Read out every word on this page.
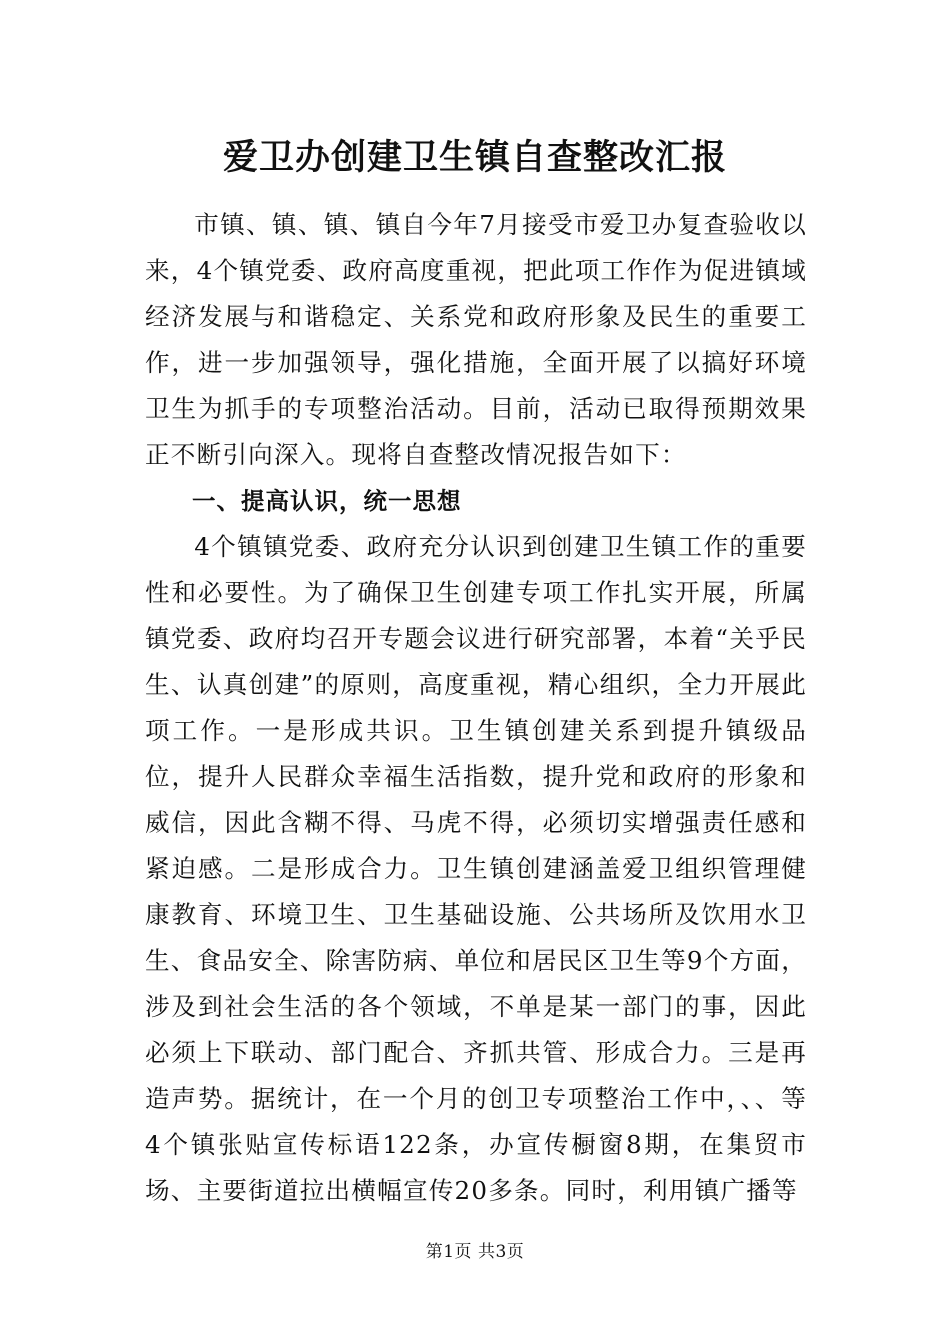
爱卫办创建卫生镇自查整改汇报

市镇、镇、镇、镇自今年7月接受市爱卫办复查验收以来，4个镇党委、政府高度重视，把此项工作作为促进镇域经济发展与和谐稳定、关系党和政府形象及民生的重要工作，进一步加强领导，强化措施，全面开展了以搞好环境卫生为抓手的专项整治活动。目前，活动已取得预期效果正不断引向深入。现将自查整改情况报告如下：

一、提高认识，统一思想

4个镇镇党委、政府充分认识到创建卫生镇工作的重要性和必要性。为了确保卫生创建专项工作扎实开展，所属镇党委、政府均召开专题会议进行研究部署，本着“关乎民生、认真创建”的原则，高度重视，精心组织，全力开展此项工作。一是形成共识。卫生镇创建关系到提升镇级品位，提升人民群众幸福生活指数，提升党和政府的形象和威信，因此含糊不得、马虎不得，必须切实增强责任感和紧迫感。二是形成合力。卫生镇创建涵盖爱卫组织管理健康教育、环境卫生、卫生基础设施、公共场所及饮用水卫生、食品安全、除害防病、单位和居民区卫生等9个方面，涉及到社会生活的各个领域，不单是某一部门的事，因此必须上下联动、部门配合、齐抓共管、形成合力。三是再造声势。据统计，在一个月的创卫专项整治工作中，、、等4个镇张贴宣传标语122条，办宣传橱窗8期，在集贸市场、主要街道拉出横幅宣传20多条。同时，利用镇广播等

第1页 共3页
